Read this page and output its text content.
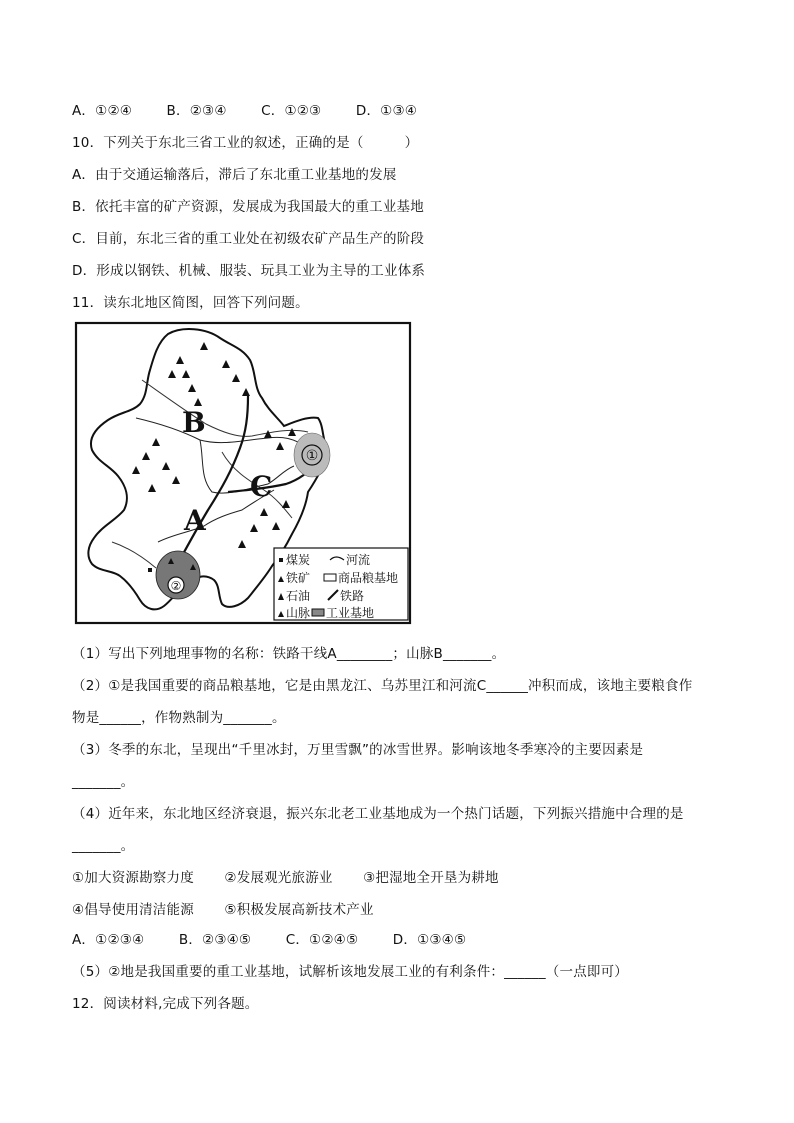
A．①②④	B．②③④	C．①②③	D．①③④
10．下列关于东北三省工业的叙述，正确的是（　　　）
A．由于交通运输落后，滞后了东北重工业基地的发展
B．依托丰富的矿产资源，发展成为我国最大的重工业基地
C．目前，东北三省的重工业处在初级农矿产品生产的阶段
D．形成以钢铁、机械、服装、玩具工业为主导的工业体系
11．读东北地区简图，回答下列问题。
①
②
B
C
A
煤炭	河流
铁矿 商品粮基地
石油 铁路
山脉 工业基地
（1）写出下列地理事物的名称：铁路干线A________；山脉B_______。
（2）①是我国重要的商品粮基地，它是由黑龙江、乌苏里江和河流C______冲积而成，该地主要粮食作
物是______，作物熟制为_______。
（3）冬季的东北，呈现出“千里冰封，万里雪飘”的冰雪世界。影响该地冬季寒冷的主要因素是
_______。
（4）近年来，东北地区经济衰退，振兴东北老工业基地成为一个热门话题，下列振兴措施中合理的是
_______。
①加大资源勘察力度 ②发展观光旅游业 ③把湿地全开垦为耕地
④倡导使用清洁能源 ⑤积极发展高新技术产业
A．①②③④	B．②③④⑤	C．①②④⑤	D．①③④⑤
（5）②地是我国重要的重工业基地，试解析该地发展工业的有利条件：______（一点即可）
12．阅读材料,完成下列各题。
